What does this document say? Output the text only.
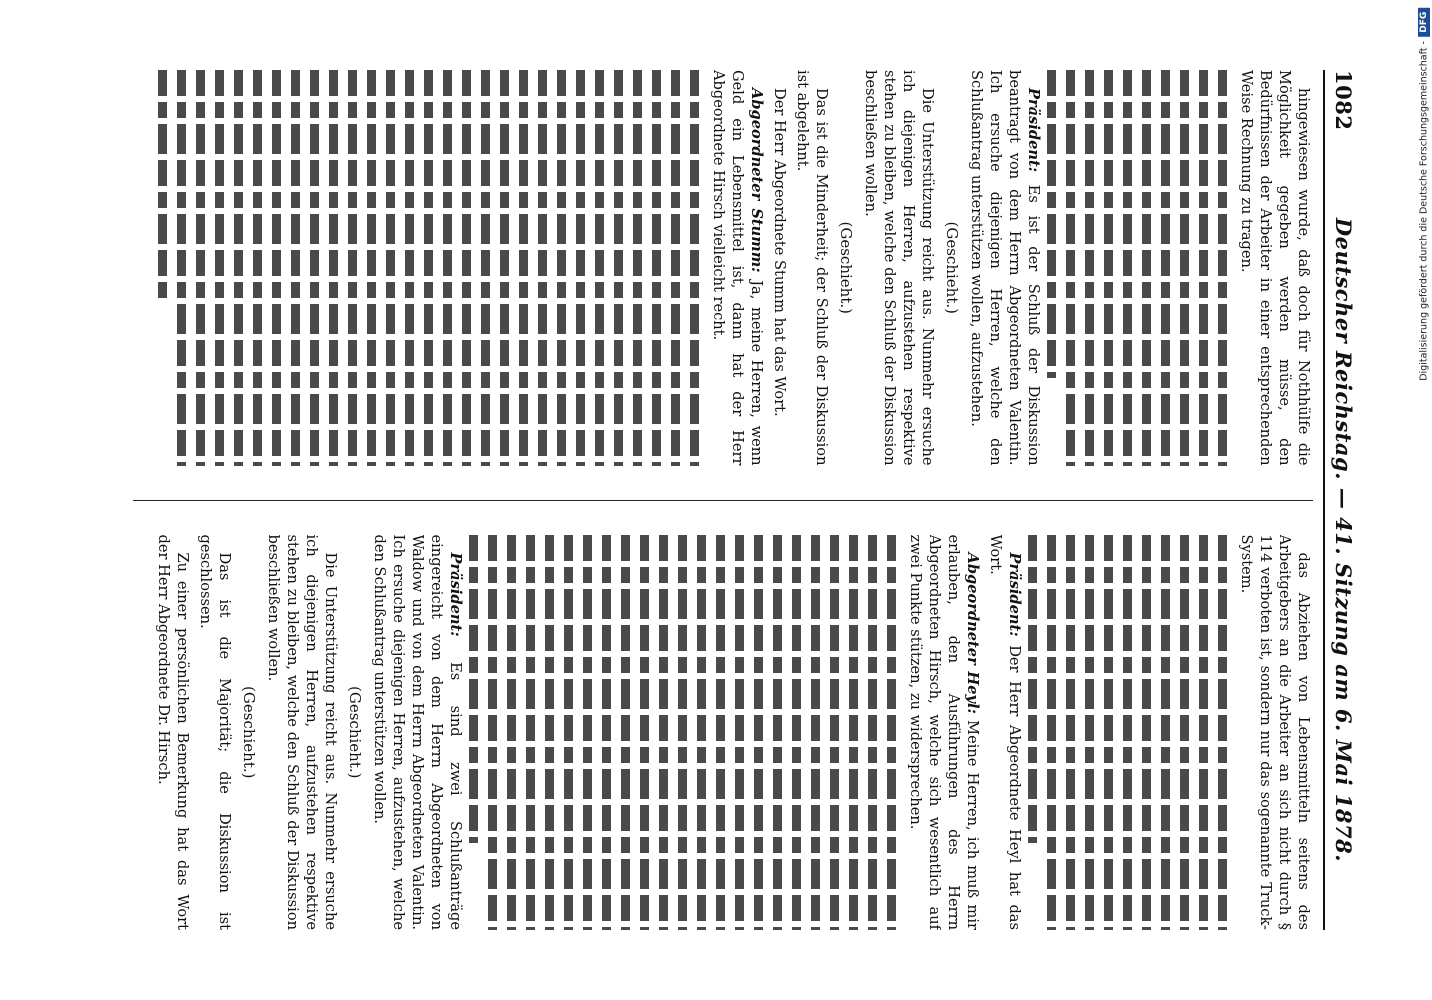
1082
Deutscher Reichstag. — 41. Sitzung am 6. Mai 1878.

hingewiesen wurde, daß doch für Nothhülfe die Möglichkeit gegeben werden müsse, den Bedürfnissen der Arbeiter in einer entsprechenden Weise Rechnung zu tragen.

Präsident: Es ist der Schluß der Diskussion beantragt von dem Herrn Abgeordneten Valentin. Ich ersuche diejenigen Herren, welche den Schlußantrag unterstützen wollen, aufzustehen.

(Geschieht.)

Die Unterstützung reicht aus. Nunmehr ersuche ich diejenigen Herren, aufzustehen respektive stehen zu bleiben, welche den Schluß der Diskussion beschließen wollen.

(Geschieht.)

Das ist die Minderheit; der Schluß der Diskussion ist abgelehnt.

Der Herr Abgeordnete Stumm hat das Wort.

Abgeordneter Stumm: Ja, meine Herren, wenn Geld ein Lebensmittel ist, dann hat der Herr Abgeordnete Hirsch vielleicht recht.

das Abziehen von Lebensmitteln seitens des Arbeitgebers an die Arbeiter an sich nicht durch § 114 verboten ist, sondern nur das sogenannte Truck-System.

Präsident: Der Herr Abgeordnete Heyl hat das Wort.

Abgeordneter Heyl: Meine Herren, ich muß mir erlauben, den Ausführungen des Herrn Abgeordneten Hirsch, welche sich wesentlich auf zwei Punkte stützen, zu widersprechen.

Präsident: Es sind zwei Schlußanträge eingereicht von dem Herrn Abgeordneten von Waldow und von dem Herrn Abgeordneten Valentin. Ich ersuche diejenigen Herren, aufzustehen, welche den Schlußantrag unterstützen wollen.

(Geschieht.)

Die Unterstützung reicht aus. Nunmehr ersuche ich diejenigen Herren, aufzustehen respektive stehen zu bleiben, welche den Schluß der Diskussion beschließen wollen.

(Geschieht.)

Das ist die Majorität; die Diskussion ist geschlossen.

Zu einer persönlichen Bemerkung hat das Wort der Herr Abgeordnete Dr. Hirsch.

Digitalisierung gefördert durch die Deutsche Forschungsgemeinschaft -
DFG
